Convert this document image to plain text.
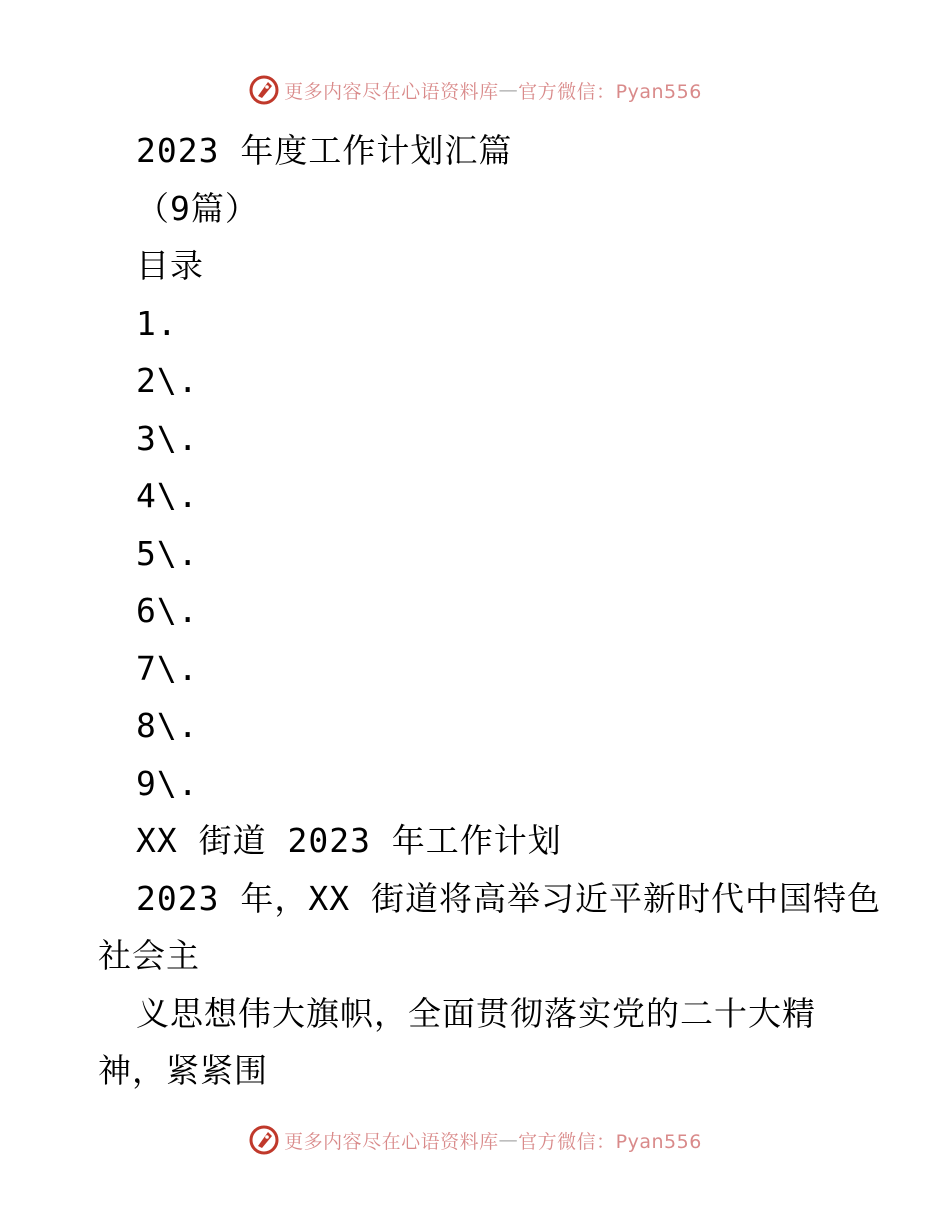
更多内容尽在心语资料库 — 官方微信：Pyan556
2023 年度工作计划汇篇
（9篇）
目录
1.
2\.
3\.
4\.
5\.
6\.
7\.
8\.
9\.
XX 街道 2023 年工作计划
2023 年，XX 街道将高举习近平新时代中国特色
社会主
义思想伟大旗帜，全面贯彻落实党的二十大精
神，紧紧围
更多内容尽在心语资料库 — 官方微信：Pyan556
